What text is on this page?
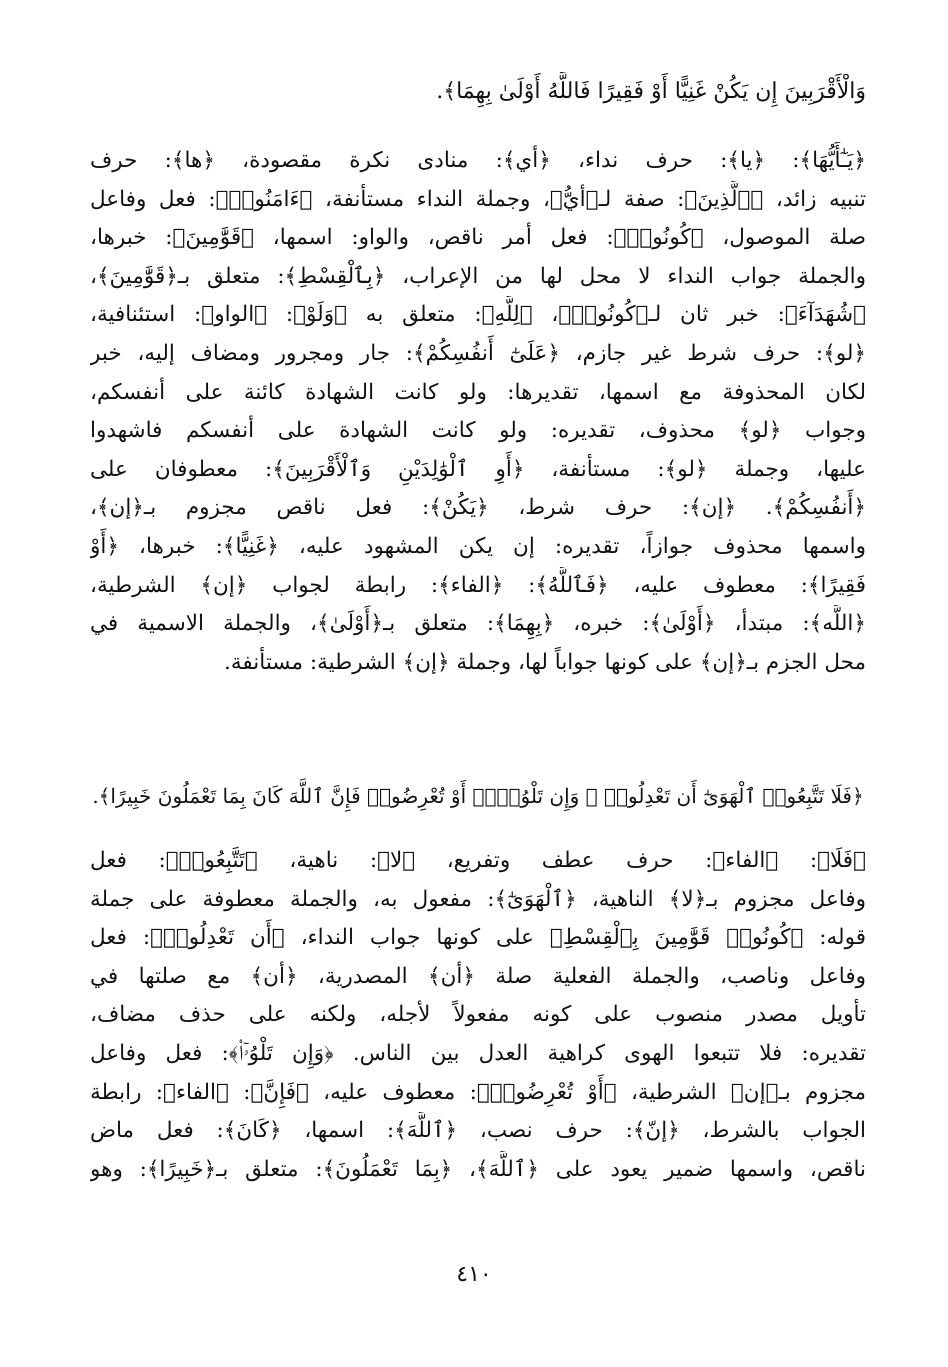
وَالْأَقْرَبِينَ إِن يَكُنْ غَنِيًّا أَوْ فَقِيرًا فَاللَّهُ أَوْلَىٰ بِهِمَا﴾.
﴿يَـٰٓأَيُّهَا﴾: ﴿يا﴾: حرف نداء، ﴿أي﴾: منادى نكرة مقصودة، ﴿ها﴾: حرف
تنبيه زائد، ﴿ٱلَّذِينَ﴾: صفة لـ﴿أيُّ﴾، وجملة النداء مستأنفة، ﴿ءَامَنُوا۟﴾: فعل وفاعل
صلة الموصول، ﴿كُونُوا۟﴾: فعل أمر ناقص، والواو: اسمها، ﴿قَوَّٰمِينَ﴾: خبرها،
والجملة جواب النداء لا محل لها من الإعراب، ﴿بِٱلْقِسْطِ﴾: متعلق بـ﴿قَوَّٰمِينَ﴾،
﴿شُهَدَآءَ﴾: خبر ثان لـ﴿كُونُوا۟﴾، ﴿لِلَّهِ﴾: متعلق به ﴿وَلَوْ﴾: ﴿الواو﴾: استئنافية،
﴿لو﴾: حرف شرط غير جازم، ﴿عَلَىٰٓ أَنفُسِكُمْ﴾: جار ومجرور ومضاف إليه، خبر
لكان المحذوفة مع اسمها، تقديرها: ولو كانت الشهادة كائنة على أنفسكم،
وجواب ﴿لو﴾ محذوف، تقديره: ولو كانت الشهادة على أنفسكم فاشهدوا
عليها، وجملة ﴿لو﴾: مستأنفة، ﴿أَوِ ٱلْوَٰلِدَيْنِ وَٱلْأَقْرَبِينَ﴾: معطوفان على
﴿أَنفُسِكُمْ﴾. ﴿إن﴾: حرف شرط، ﴿يَكُنْ﴾: فعل ناقص مجزوم بـ﴿إن﴾،
واسمها محذوف جوازاً، تقديره: إن يكن المشهود عليه، ﴿غَنِيًّا﴾: خبرها، ﴿أَوْ
فَقِيرًا﴾: معطوف عليه، ﴿فَٱللَّهُ﴾: ﴿الفاء﴾: رابطة لجواب ﴿إن﴾ الشرطية،
﴿اللَّه﴾: مبتدأ، ﴿أَوْلَىٰ﴾: خبره، ﴿بِهِمَا﴾: متعلق بـ﴿أَوْلَىٰ﴾، والجملة الاسمية في
محل الجزم بـ﴿إن﴾ على كونها جواباً لها، وجملة ﴿إن﴾ الشرطية: مستأنفة.
﴿فَلَا تَتَّبِعُوا۟ ٱلْهَوَىٰٓ أَن تَعْدِلُوا۟ ۚ وَإِن تَلْوُۥٓا۟ أَوْ تُعْرِضُوا۟ فَإِنَّ ٱللَّهَ كَانَ بِمَا تَعْمَلُونَ خَبِيرًا﴾.
﴿فَلَا﴾: ﴿الفاء﴾: حرف عطف وتفريع، ﴿لا﴾: ناهية، ﴿تَتَّبِعُوا۟﴾: فعل
وفاعل مجزوم بـ﴿لا﴾ الناهية، ﴿ٱلْهَوَىٰٓ﴾: مفعول به، والجملة معطوفة على جملة
قوله: ﴿كُونُوا۟ قَوَّٰمِينَ بِٱلْقِسْطِ﴾ على كونها جواب النداء، ﴿أَن تَعْدِلُوا۟﴾: فعل
وفاعل وناصب، والجملة الفعلية صلة ﴿أن﴾ المصدرية، ﴿أن﴾ مع صلتها في
تأويل مصدر منصوب على كونه مفعولاً لأجله، ولكنه على حذف مضاف،
تقديره: فلا تتبعوا الهوى كراهية العدل بين الناس. ﴿وَإِن تَلْوُۥٓا۟﴾: فعل وفاعل
مجزوم بـ﴿إن﴾ الشرطية، ﴿أَوْ تُعْرِضُوا۟﴾: معطوف عليه، ﴿فَإِنَّ﴾: ﴿الفاء﴾: رابطة
الجواب بالشرط، ﴿إنّ﴾: حرف نصب، ﴿ٱللَّهَ﴾: اسمها، ﴿كَانَ﴾: فعل ماض
ناقص، واسمها ضمير يعود على ﴿ٱللَّهَ﴾، ﴿بِمَا تَعْمَلُونَ﴾: متعلق بـ﴿خَبِيرًا﴾: وهو
٤١٠
